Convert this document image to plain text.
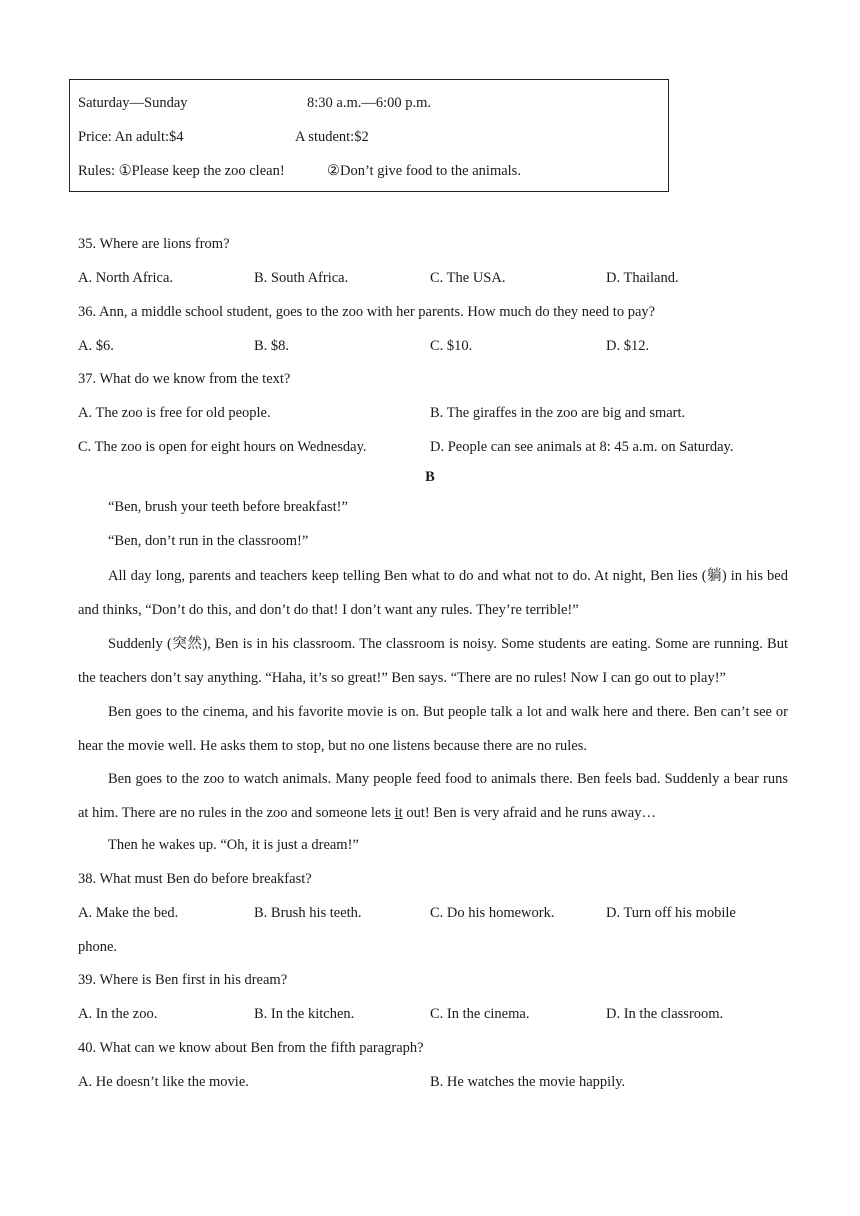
Saturday—Sunday	8:30 a.m.—6:00 p.m.
Price: An adult:$4	A student:$2
Rules: ①Please keep the zoo clean!	②Don’t give food to the animals.
35. Where are lions from?
A. North Africa.	B. South Africa.	C. The USA.	D. Thailand.
36. Ann, a middle school student, goes to the zoo with her parents. How much do they need to pay?
A. $6.	B. $8.	C. $10.	D. $12.
37. What do we know from the text?
A. The zoo is free for old people.	B. The giraffes in the zoo are big and smart.
C. The zoo is open for eight hours on Wednesday.	D. People can see animals at 8: 45 a.m. on Saturday.
B
“Ben, brush your teeth before breakfast!”
“Ben, don’t run in the classroom!”
All day long, parents and teachers keep telling Ben what to do and what not to do. At night, Ben lies (躺) in his bed and thinks, “Don’t do this, and don’t do that! I don’t want any rules. They’re terrible!”
Suddenly (突然), Ben is in his classroom. The classroom is noisy. Some students are eating. Some are running. But the teachers don’t say anything. “Haha, it’s so great!” Ben says. “There are no rules! Now I can go out to play!”
Ben goes to the cinema, and his favorite movie is on. But people talk a lot and walk here and there. Ben can’t see or hear the movie well. He asks them to stop, but no one listens because there are no rules.
Ben goes to the zoo to watch animals. Many people feed food to animals there. Ben feels bad. Suddenly a bear runs at him. There are no rules in the zoo and someone lets it out! Ben is very afraid and he runs away…
Then he wakes up. “Oh, it is just a dream!”
38. What must Ben do before breakfast?
A. Make the bed.	B. Brush his teeth.	C. Do his homework.	D. Turn off his mobile
phone.
39. Where is Ben first in his dream?
A. In the zoo.	B. In the kitchen.	C. In the cinema.	D. In the classroom.
40. What can we know about Ben from the fifth paragraph?
A. He doesn’t like the movie.	B. He watches the movie happily.
